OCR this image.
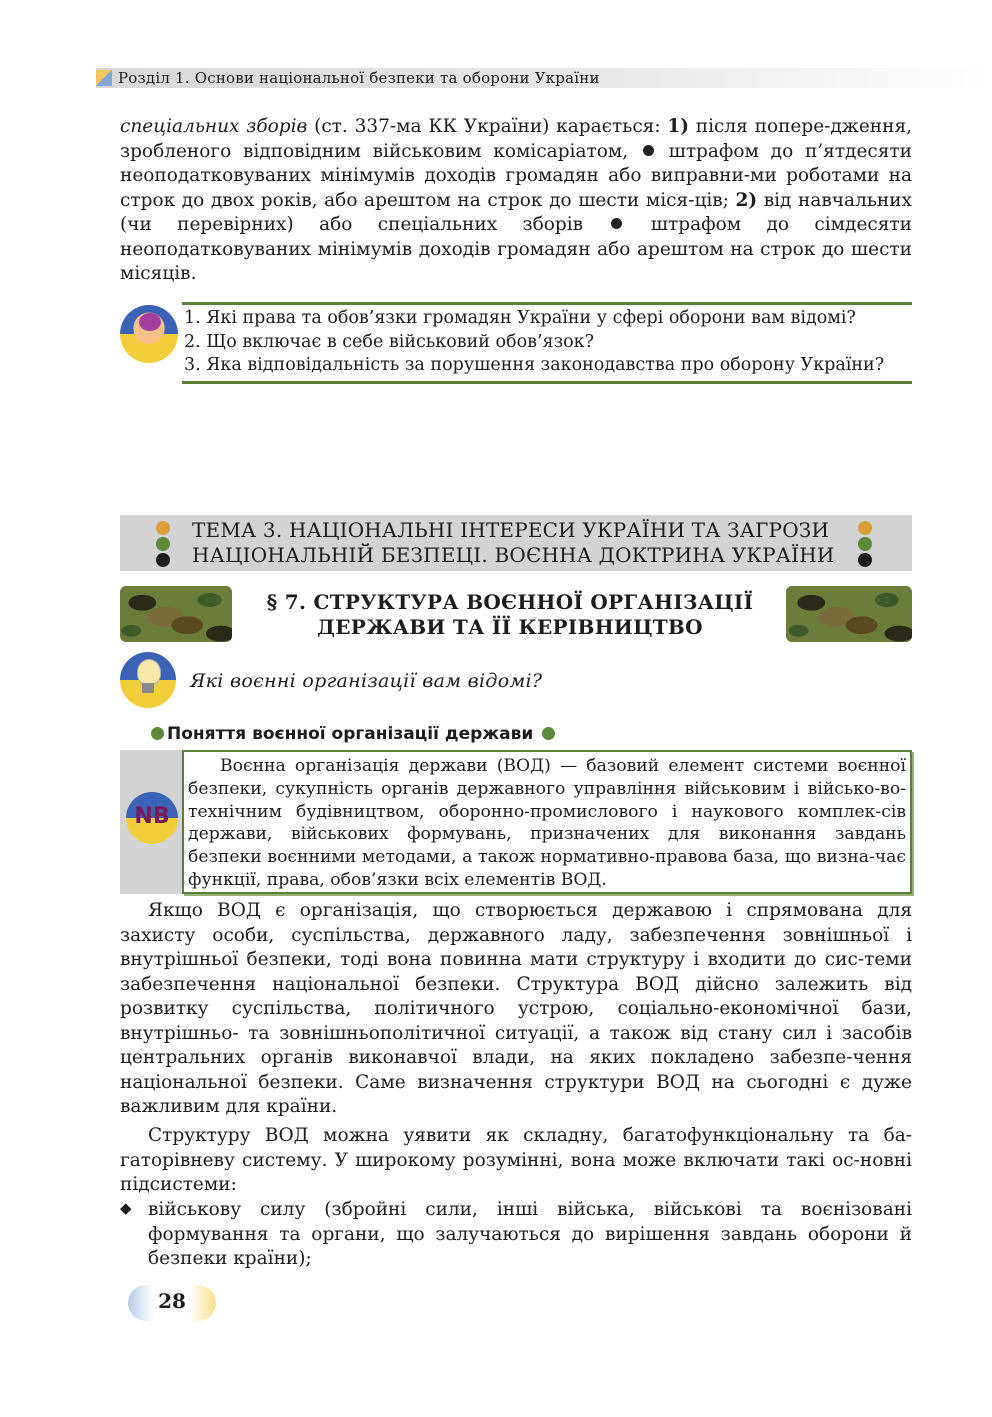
Розділ 1. Основи національної безпеки та оборони України
спеціальних зборів (ст. 337-ма КК України) карається: 1) після попере-дження, зробленого відповідним військовим комісаріатом,  штрафом до п’ятдесяти неоподатковуваних мінімумів доходів громадян або виправни-ми роботами на строк до двох років, або арештом на строк до шести міся-ців; 2) від навчальних (чи перевірних) або спеціальних зборів  штрафом до сімдесяти неоподатковуваних мінімумів доходів громадян або арештом на строк до шести місяців.
1. Які права та обов’язки громадян України у сфері оборони вам відомі?
2. Що включає в себе військовий обов’язок?
3. Яка відповідальність за порушення законодавства про оборону України?
ТЕМА 3. НАЦІОНАЛЬНІ ІНТЕРЕСИ УКРАЇНИ ТА ЗАГРОЗИ
НАЦІОНАЛЬНІЙ БЕЗПЕЦІ. ВОЄННА ДОКТРИНА УКРАЇНИ
§ 7. СТРУКТУРА ВОЄННОЇ ОРГАНІЗАЦІЇ
ДЕРЖАВИ ТА ЇЇ КЕРІВНИЦТВО
Які воєнні організації вам відомі?
Поняття воєнної організації держави
NB
Воєнна організація держави (ВОД) — базовий елемент системи воєнної безпеки, сукупність органів державного управління військовим і військо-во-технічним будівництвом, оборонно-промислового і наукового комплек-сів держави, військових формувань, призначених для виконання завдань безпеки воєнними методами, а також нормативно-правова база, що визна-чає функції, права, обов’язки всіх елементів ВОД.
Якщо ВОД є організація, що створюється державою і спрямована для захисту особи, суспільства, державного ладу, забезпечення зовнішньої і внутрішньої безпеки, тоді вона повинна мати структуру і входити до сис-теми забезпечення національної безпеки. Структура ВОД дійсно залежить від розвитку суспільства, політичного устрою, соціально-економічної бази, внутрішньо- та зовнішньополітичної ситуації, а також від стану сил і засобів центральних органів виконавчої влади, на яких покладено забезпе-чення національної безпеки. Саме визначення структури ВОД на сьогодні є дуже важливим для країни.
Структуру ВОД можна уявити як складну, багатофункціональну та ба-гаторівневу систему. У широкому розумінні, вона може включати такі ос-новні підсистеми:
◆ військову силу (збройні сили, інші війська, військові та воєнізовані формування та органи, що залучаються до вирішення завдань оборони й безпеки країни);
28
